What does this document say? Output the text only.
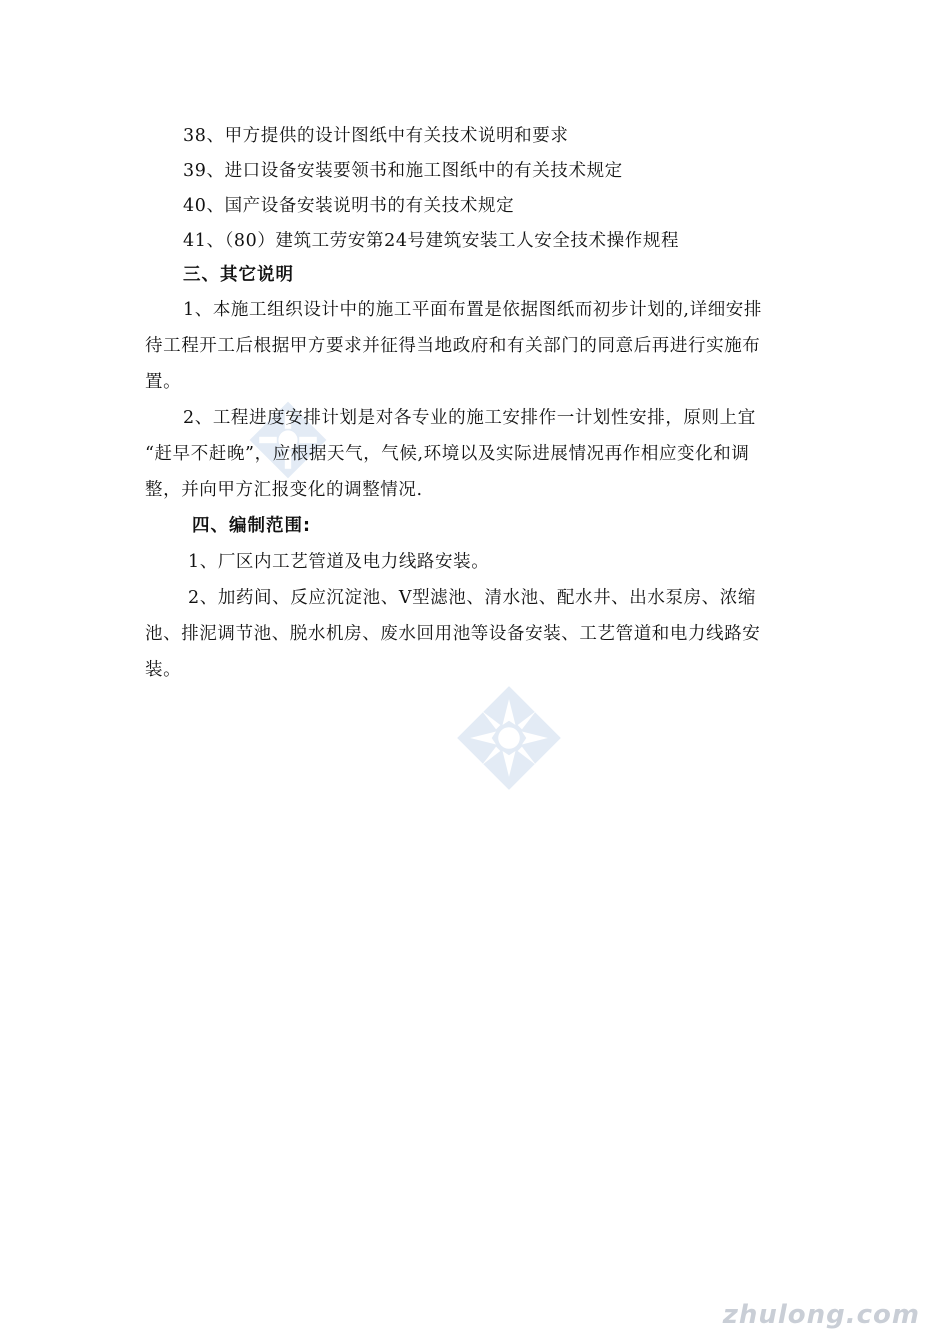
38、甲方提供的设计图纸中有关技术说明和要求
39、进口设备安装要领书和施工图纸中的有关技术规定
40、国产设备安装说明书的有关技术规定
41、（80）建筑工劳安第24号建筑安装工人安全技术操作规程
三、其它说明
1、本施工组织设计中的施工平面布置是依据图纸而初步计划的,详细安排
待工程开工后根据甲方要求并征得当地政府和有关部门的同意后再进行实施布
置。
2、工程进度安排计划是对各专业的施工安排作一计划性安排，原则上宜
“赶早不赶晚”，应根据天气，气候,环境以及实际进展情况再作相应变化和调
整，并向甲方汇报变化的调整情况.
四、编制范围:
1、厂区内工艺管道及电力线路安装。
2、加药间、反应沉淀池、V型滤池、清水池、配水井、出水泵房、浓缩
池、排泥调节池、脱水机房、废水回用池等设备安装、工艺管道和电力线路安
装。
zhulong.com
